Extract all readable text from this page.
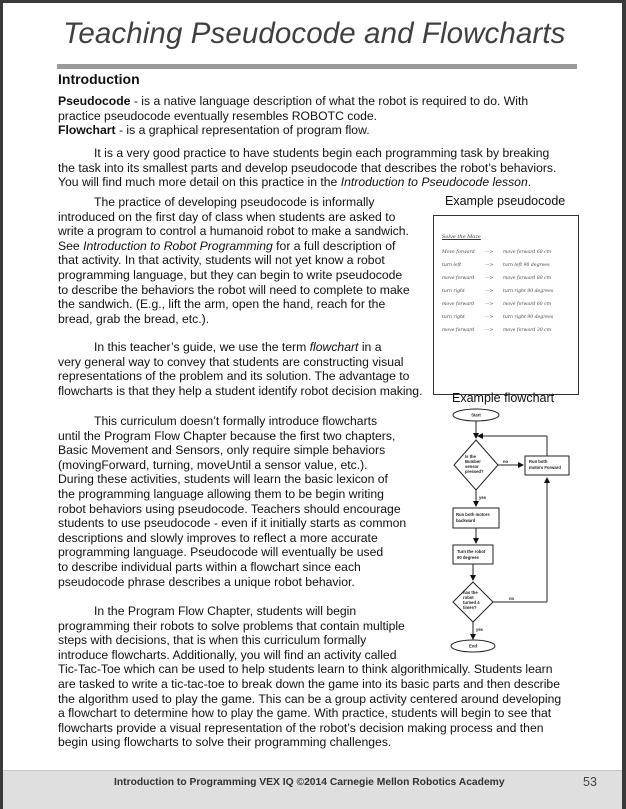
Teaching Pseudocode and Flowcharts
Introduction
Pseudocode - is a native language description of what the robot is required to do. With
practice pseudocode eventually resembles ROBOTC code.
Flowchart - is a graphical representation of program flow.
It is a very good practice to have students begin each programming task by breaking
the task into its smallest parts and develop pseudocode that describes the robot’s behaviors.
You will find much more detail on this practice in the Introduction to Pseudocode lesson.
The practice of developing pseudocode is informally
introduced on the first day of class when students are asked to
write a program to control a humanoid robot to make a sandwich.
See Introduction to Robot Programming for a full description of
that activity. In that activity, students will not yet know a robot
programming language, but they can begin to write pseudocode
to describe the behaviors the robot will need to complete to make
the sandwich. (E.g., lift the arm, open the hand, reach for the
bread, grab the bread, etc.).
In this teacher’s guide, we use the term flowchart in a
very general way to convey that students are constructing visual
representations of the problem and its solution. The advantage to
flowcharts is that they help a student identify robot decision making.
This curriculum doesn’t formally introduce flowcharts
until the Program Flow Chapter because the first two chapters,
Basic Movement and Sensors, only require simple behaviors
(movingForward, turning, moveUntil a sensor value, etc.).
During these activities, students will learn the basic lexicon of
the programming language allowing them to be begin writing
robot behaviors using pseudocode. Teachers should encourage
students to use pseudocode - even if it initially starts as common
descriptions and slowly improves to reflect a more accurate
programming language. Pseudocode will eventually be used
to describe individual parts within a flowchart since each
pseudocode phrase describes a unique robot behavior.
In the Program Flow Chapter, students will begin
programming their robots to solve problems that contain multiple
steps with decisions, that is when this curriculum formally
introduce flowcharts. Additionally, you will find an activity called
Tic-Tac-Toe which can be used to help students learn to think algorithmically. Students learn
are tasked to write a tic-tac-toe to break down the game into its basic parts and then describe
the algorithm used to play the game. This can be a group activity centered around developing
a flowchart to determine how to play the game. With practice, students will begin to see that
flowcharts provide a visual representation of the robot’s decision making process and then
begin using flowcharts to solve their programming challenges.
Example pseudocode
Solve the Maze
Move forward ---> move forward 60 cm
turn left	---> turn left 90 degrees
move forward ---> move forward 80 cm
turn right	---> turn right 90 degrees
move forward ---> move forward 60 cm
turn right	---> turn right 90 degrees
move forward ---> move forward 30 cm
Example flowchart
Start
Is the
Bumber
sensor
pressed?
no
yes
Run both
motors Forward
Run both motors
backward
Turn the robot
90 degrees
has the
robot
turned 4
times?
no
yes
End
Introduction to Programming VEX IQ ©2014 Carnegie Mellon Robotics Academy	53
